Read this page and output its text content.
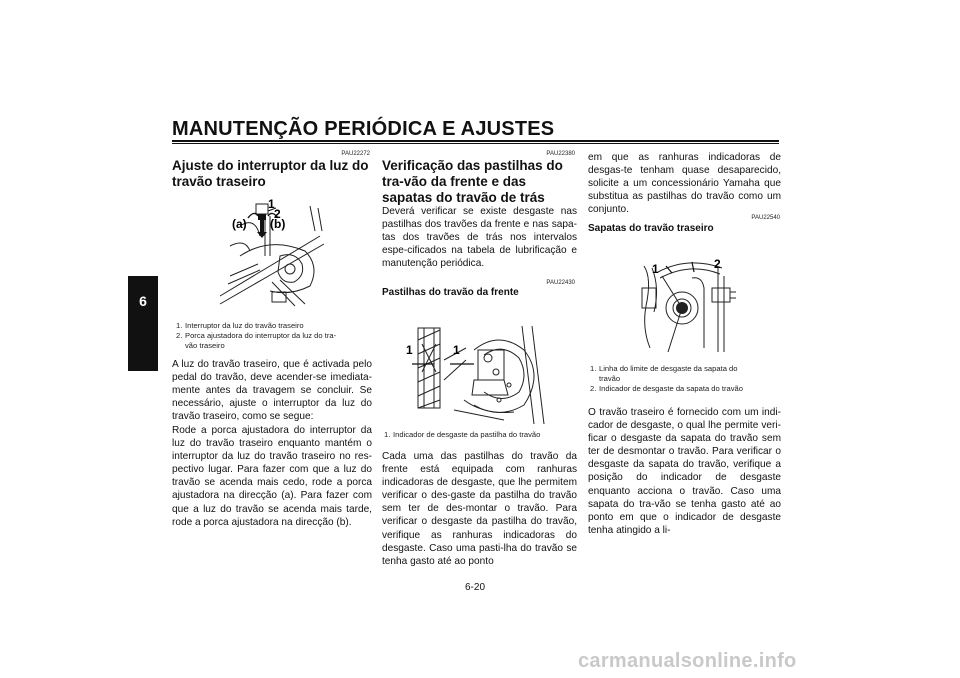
MANUTENÇÃO PERIÓDICA E AJUSTES
6
PAU22272
Ajuste do interruptor da luz do travão traseiro
1
2
(a) (b)
1. Interruptor da luz do travão traseiro
2. Porca ajustadora do interruptor da luz do tra-
vão traseiro
A luz do travão traseiro, que é activada pelo pedal do travão, deve acender-se imediata-mente antes da travagem se concluir. Se necessário, ajuste o interruptor da luz do travão traseiro, como se segue:
Rode a porca ajustadora do interruptor da luz do travão traseiro enquanto mantém o interruptor da luz do travão traseiro no res-pectivo lugar. Para fazer com que a luz do travão se acenda mais cedo, rode a porca ajustadora na direcção (a). Para fazer com que a luz do travão se acenda mais tarde, rode a porca ajustadora na direcção (b).
PAU22380
Verificação das pastilhas do tra-vão da frente e das sapatas do travão de trás
Deverá verificar se existe desgaste nas pastilhas dos travões da frente e nas sapa-tas dos travões de trás nos intervalos espe-cificados na tabela de lubrificação e manutenção periódica.
PAU22430
Pastilhas do travão da frente
1	1
1. Indicador de desgaste da pastilha do travão
Cada uma das pastilhas do travão da frente está equipada com ranhuras indicadoras de desgaste, que lhe permitem verificar o des-gaste da pastilha do travão sem ter de des-montar o travão. Para verificar o desgaste da pastilha do travão, verifique as ranhuras indicadoras do desgaste. Caso uma pasti-lha do travão se tenha gasto até ao ponto
em que as ranhuras indicadoras de desgas-te tenham quase desaparecido, solicite a um concessionário Yamaha que substitua as pastilhas do travão como um conjunto.
PAU22540
Sapatas do travão traseiro
1	2
1. Linha do limite de desgaste da sapata do
travão
2. Indicador de desgaste da sapata do travão
O travão traseiro é fornecido com um indi-cador de desgaste, o qual lhe permite veri-ficar o desgaste da sapata do travão sem ter de desmontar o travão. Para verificar o desgaste da sapata do travão, verifique a posição do indicador de desgaste enquanto acciona o travão. Caso uma sapata do tra-vão se tenha gasto até ao ponto em que o indicador de desgaste tenha atingido a li-
6-20
carmanualsonline.info
